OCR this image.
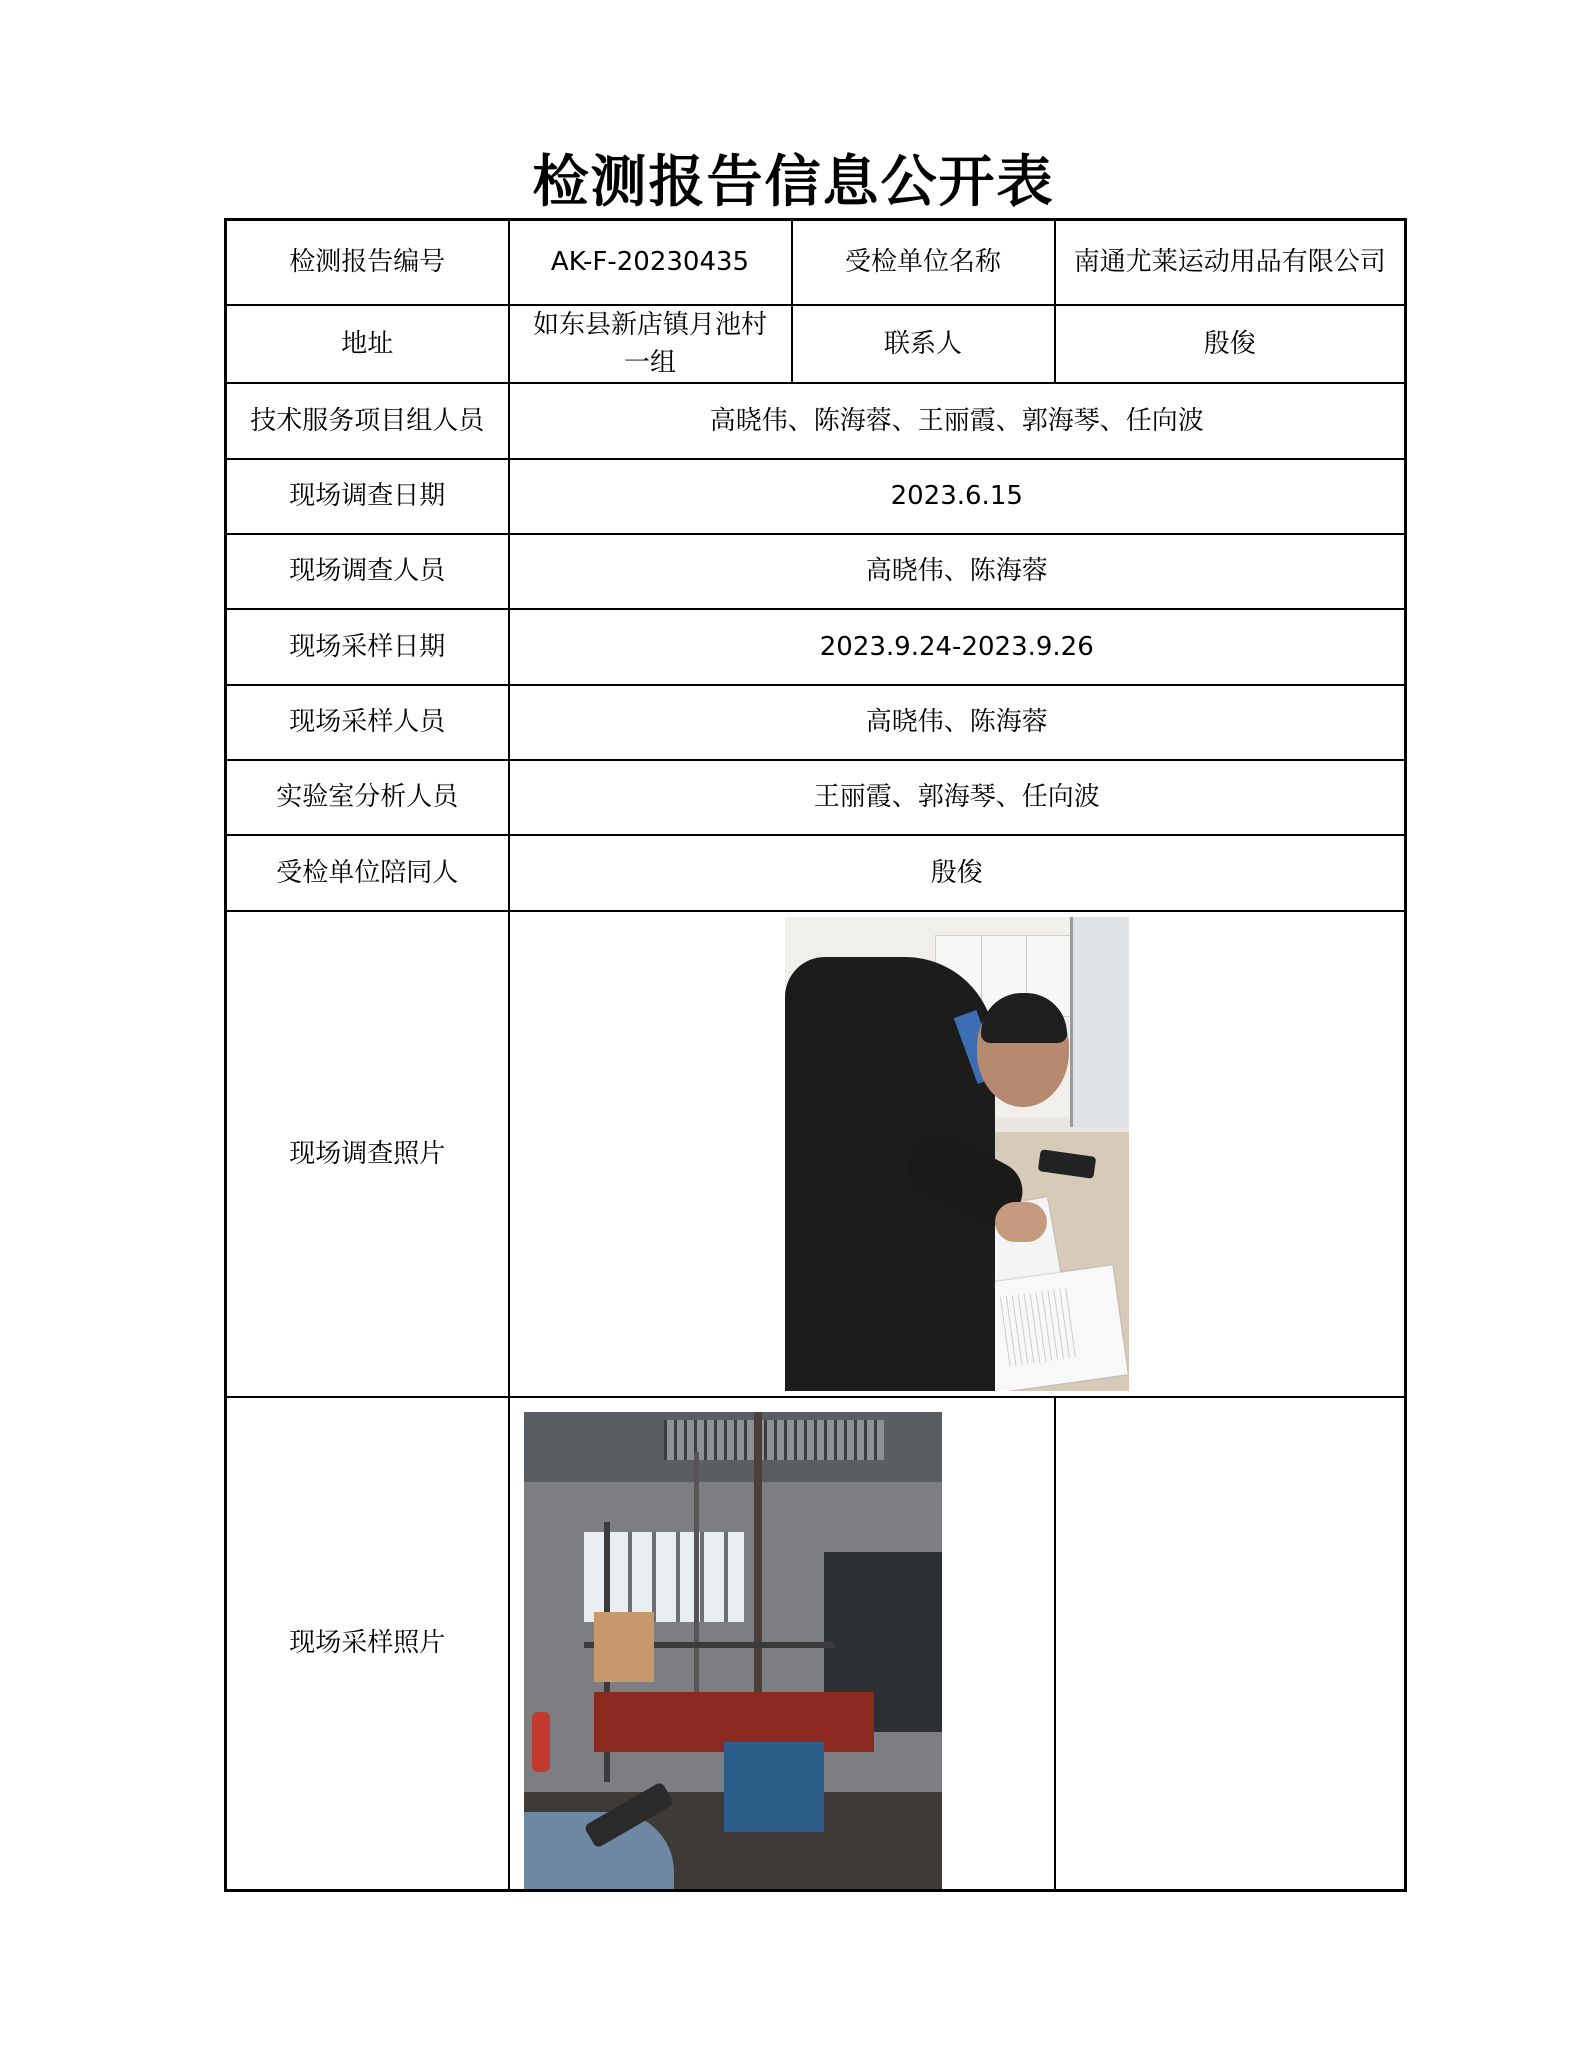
检测报告信息公开表
检测报告编号	AK-F-20230435	受检单位名称	南通尤莱运动用品有限公司
地址	如东县新店镇月池村一组	联系人	殷俊
技术服务项目组人员	高晓伟、陈海蓉、王丽霞、郭海琴、任向波		
现场调查日期	2023.6.15		
现场调查人员	高晓伟、陈海蓉		
现场采样日期	2023.9.24-2023.9.26		
现场采样人员	高晓伟、陈海蓉		
实验室分析人员	王丽霞、郭海琴、任向波		
受检单位陪同人	殷俊		
现场调查照片			

现场采样照片		
